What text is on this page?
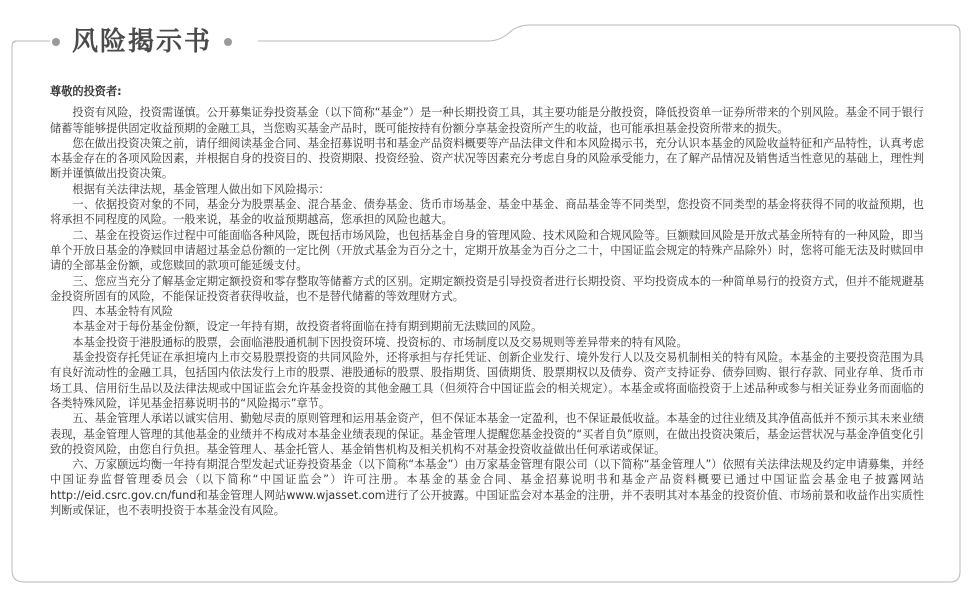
风险揭示书

尊敬的投资者:

投资有风险，投资需谨慎。公开募集证券投资基金（以下简称“基金”）是一种长期投资工具，其主要功能是分散投资，降低投资单一证券所带来的个别风险。基金不同于银行储蓄等能够提供固定收益预期的金融工具，当您购买基金产品时，既可能按持有份额分享基金投资所产生的收益，也可能承担基金投资所带来的损失。

您在做出投资决策之前，请仔细阅读基金合同、基金招募说明书和基金产品资料概要等产品法律文件和本风险揭示书，充分认识本基金的风险收益特征和产品特性，认真考虑本基金存在的各项风险因素，并根据自身的投资目的、投资期限、投资经验、资产状况等因素充分考虑自身的风险承受能力，在了解产品情况及销售适当性意见的基础上，理性判断并谨慎做出投资决策。

根据有关法律法规，基金管理人做出如下风险揭示：

一、依据投资对象的不同，基金分为股票基金、混合基金、债券基金、货币市场基金、基金中基金、商品基金等不同类型，您投资不同类型的基金将获得不同的收益预期，也将承担不同程度的风险。一般来说，基金的收益预期越高，您承担的风险也越大。

二、基金在投资运作过程中可能面临各种风险，既包括市场风险，也包括基金自身的管理风险、技术风险和合规风险等。巨额赎回风险是开放式基金所特有的一种风险，即当单个开放日基金的净赎回申请超过基金总份额的一定比例（开放式基金为百分之十，定期开放基金为百分之二十，中国证监会规定的特殊产品除外）时，您将可能无法及时赎回申请的全部基金份额，或您赎回的款项可能延缓支付。

三、您应当充分了解基金定期定额投资和零存整取等储蓄方式的区别。定期定额投资是引导投资者进行长期投资、平均投资成本的一种简单易行的投资方式，但并不能规避基金投资所固有的风险，不能保证投资者获得收益，也不是替代储蓄的等效理财方式。

四、本基金特有风险

本基金对于每份基金份额，设定一年持有期，故投资者将面临在持有期到期前无法赎回的风险。

本基金投资于港股通标的股票，会面临港股通机制下因投资环境、投资标的、市场制度以及交易规则等差异带来的特有风险。

基金投资存托凭证在承担境内上市交易股票投资的共同风险外，还将承担与存托凭证、创新企业发行、境外发行人以及交易机制相关的特有风险。本基金的主要投资范围为具有良好流动性的金融工具，包括国内依法发行上市的股票、港股通标的股票、股指期货、国债期货、股票期权以及债券、资产支持证券、债券回购、银行存款、同业存单、货币市场工具、信用衍生品以及法律法规或中国证监会允许基金投资的其他金融工具（但须符合中国证监会的相关规定）。本基金或将面临投资于上述品种或参与相关证券业务而面临的各类特殊风险，详见基金招募说明书的“风险揭示”章节。

五、基金管理人承诺以诚实信用、勤勉尽责的原则管理和运用基金资产，但不保证本基金一定盈利，也不保证最低收益。本基金的过往业绩及其净值高低并不预示其未来业绩表现，基金管理人管理的其他基金的业绩并不构成对本基金业绩表现的保证。基金管理人提醒您基金投资的“买者自负”原则，在做出投资决策后，基金运营状况与基金净值变化引致的投资风险，由您自行负担。基金管理人、基金托管人、基金销售机构及相关机构不对基金投资收益做出任何承诺或保证。

六、万家颐远均衡一年持有期混合型发起式证券投资基金（以下简称“本基金”）由万家基金管理有限公司（以下简称“基金管理人”）依照有关法律法规及约定申请募集，并经中国证券监督管理委员会（以下简称“中国证监会”）许可注册。本基金的基金合同、基金招募说明书和基金产品资料概要已通过中国证监会基金电子披露网站http://eid.csrc.gov.cn/fund和基金管理人网站www.wjasset.com进行了公开披露。中国证监会对本基金的注册，并不表明其对本基金的投资价值、市场前景和收益作出实质性判断或保证，也不表明投资于本基金没有风险。
